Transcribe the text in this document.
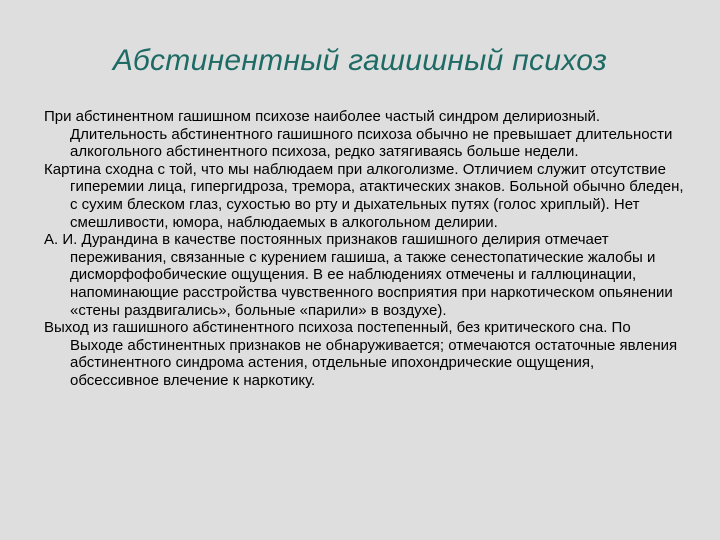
Абстинентный гашишный психоз

При абстинентном гашишном психозе наиболее частый синдром делириозный. Длительность абстинентного гашишного психоза обычно не превышает длительности алкогольного абстинентного психоза, редко затягиваясь больше недели.

Картина сходна с той, что мы наблюдаем при алкоголизме. Отличием служит отсутствие гиперемии лица, гипергидроза, тремора, атактических знаков. Больной обычно бледен, с сухим блеском глаз, сухостью во рту и дыхательных путях (голос хриплый). Нет смешливости, юмора, наблюдаемых в алкогольном делирии.

А. И. Дурандина в качестве постоянных признаков гашишного делирия отмечает переживания, связанные с курением гашиша, а также сенестопатические жалобы и дисморфофобические ощущения. В ее наблюдениях отмечены и галлюцинации, напоминающие расстройства чувственного восприятия при наркотическом опьянении «стены раздвигались», больные «парили» в воздухе).

Выход из гашишного абстинентного психоза постепенный, без критического сна. По Выходе абстинентных признаков не обнаруживается; отмечаются остаточные явления абстинентного синдрома астения, отдельные ипохондрические ощущения, обсессивное влечение к наркотику.
